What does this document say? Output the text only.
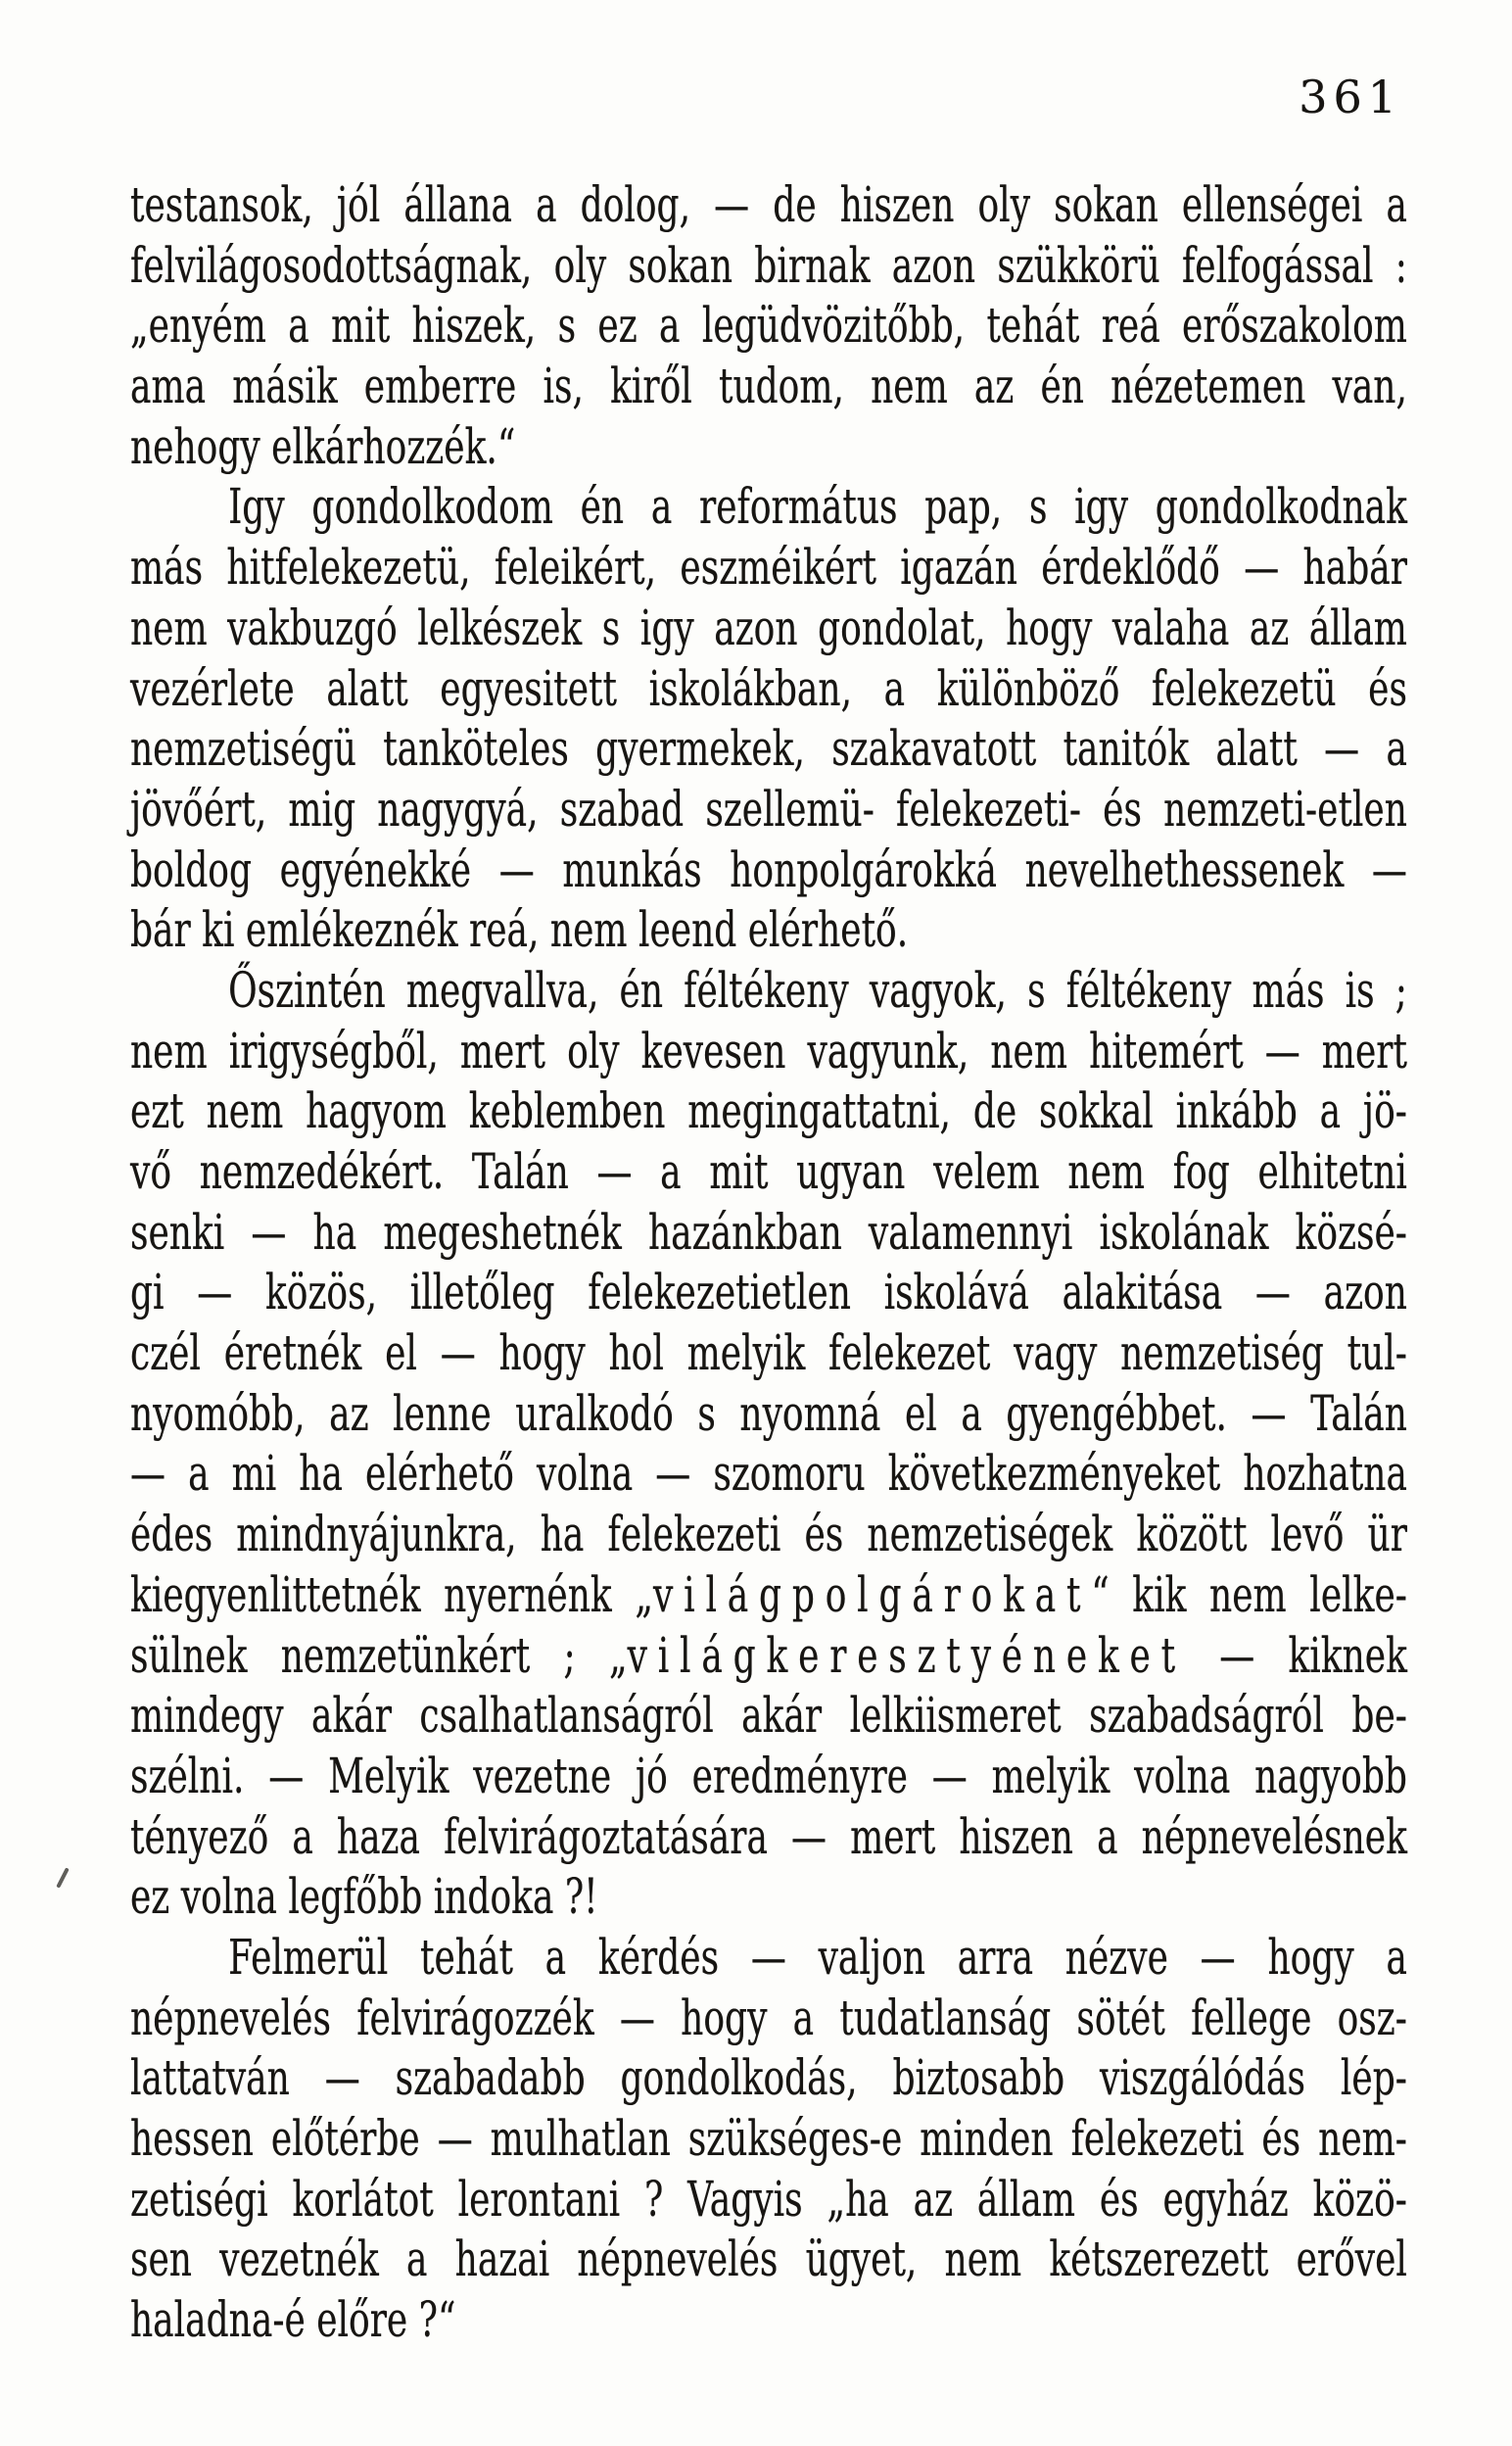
361
testansok, jól állana a dolog, — de hiszen oly sokan ellenségei a
felvilágosodottságnak, oly sokan birnak azon szükkörü felfogással :
„enyém a mit hiszek, s ez a legüdvözitőbb, tehát reá erőszakolom
ama másik emberre is, kiről tudom, nem az én nézetemen van,
nehogy elkárhozzék.“
Igy gondolkodom én a református pap, s igy gondolkodnak
más hitfelekezetü, feleikért, eszméikért igazán érdeklődő — habár
nem vakbuzgó lelkészek s igy azon gondolat, hogy valaha az állam
vezérlete alatt egyesitett iskolákban, a különböző felekezetü és
nemzetiségü tanköteles gyermekek, szakavatott tanitók alatt — a
jövőért, mig nagygyá, szabad szellemü- felekezeti- és nemzeti-etlen
boldog egyénekké — munkás honpolgárokká nevelhethessenek —
bár ki emlékeznék reá, nem leend elérhető.
Őszintén megvallva, én féltékeny vagyok, s féltékeny más is ;
nem irigységből, mert oly kevesen vagyunk, nem hitemért — mert
ezt nem hagyom keblemben megingattatni, de sokkal inkább a jö-
vő nemzedékért. Talán — a mit ugyan velem nem fog elhitetni
senki — ha megeshetnék hazánkban valamennyi iskolának közsé-
gi — közös, illetőleg felekezetietlen iskolává alakitása — azon
czél éretnék el — hogy hol melyik felekezet vagy nemzetiség tul-
nyomóbb, az lenne uralkodó s nyomná el a gyengébbet. — Talán
— a mi ha elérhető volna — szomoru következményeket hozhatna
édes mindnyájunkra, ha felekezeti és nemzetiségek között levő ür
kiegyenlittetnék nyernénk „világpolgárokat“ kik nem lelke-
sülnek nemzetünkért ; „világkeresztyéneket — kiknek
mindegy akár csalhatlanságról akár lelkiismeret szabadságról be-
szélni. — Melyik vezetne jó eredményre — melyik volna nagyobb
tényező a haza felvirágoztatására — mert hiszen a népnevelésnek
ez volna legfőbb indoka ?!
Felmerül tehát a kérdés — valjon arra nézve — hogy a
népnevelés felvirágozzék — hogy a tudatlanság sötét fellege osz-
lattatván — szabadabb gondolkodás, biztosabb viszgálódás lép-
hessen előtérbe — mulhatlan szükséges-e minden felekezeti és nem-
zetiségi korlátot lerontani ? Vagyis „ha az állam és egyház közö-
sen vezetnék a hazai népnevelés ügyet, nem kétszerezett erővel
haladna-é előre ?“
